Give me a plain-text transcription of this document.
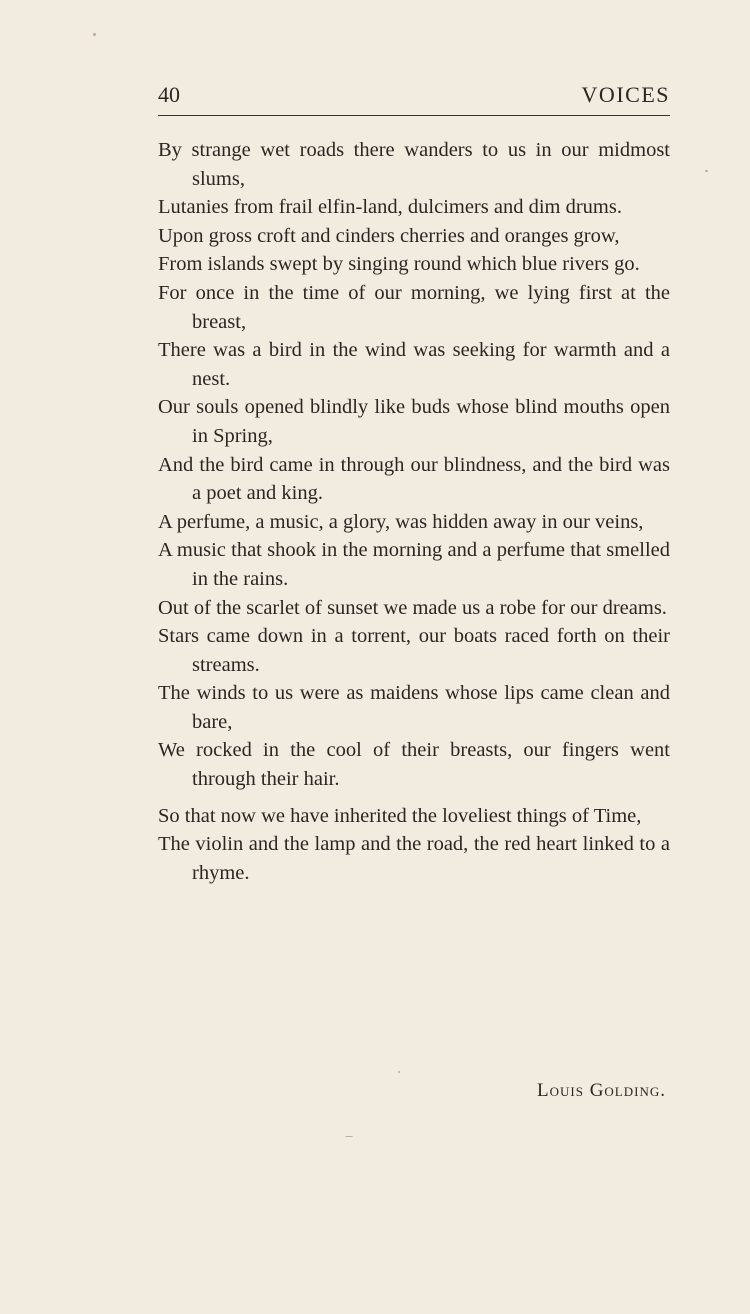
40	VOICES
By strange wet roads there wanders to us in our midmost slums,
Lutanies from frail elfin-land, dulcimers and dim drums.
Upon gross croft and cinders cherries and oranges grow,
From islands swept by singing round which blue rivers go.
For once in the time of our morning, we lying first at the breast,
There was a bird in the wind was seeking for warmth and a nest.
Our souls opened blindly like buds whose blind mouths open in Spring,
And the bird came in through our blindness, and the bird was a poet and king.
A perfume, a music, a glory, was hidden away in our veins,
A music that shook in the morning and a perfume that smelled in the rains.
Out of the scarlet of sunset we made us a robe for our dreams.
Stars came down in a torrent, our boats raced forth on their streams.
The winds to us were as maidens whose lips came clean and bare,
We rocked in the cool of their breasts, our fingers went through their hair.
So that now we have inherited the loveliest things of Time,
The violin and the lamp and the road, the red heart linked to a rhyme.
Louis Golding.
